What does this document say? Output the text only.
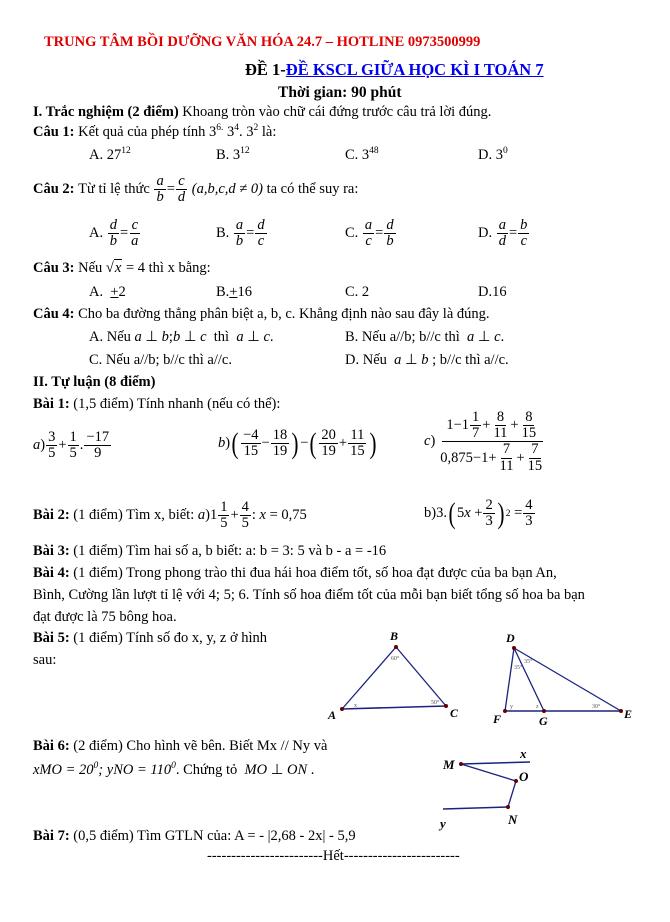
TRUNG TÂM BỒI DƯỠNG VĂN HÓA 24.7 – HOTLINE 0973500999
ĐỀ 1-ĐỀ KSCL GIỮA HỌC KÌ I TOÁN 7
Thời gian: 90 phút
I. Trắc nghiệm (2 điểm) Khoang tròn vào chữ cái đứng trước câu trả lời đúng.
Câu 1: Kết quả của phép tính $3^{6.}$ $3^4$. $3^2$ là:
A. $27^{12}$	B. $3^{12}$	C. $3^{48}$	D. $3^0$
Câu 2:
Từ tỉ lệ thức
$\frac{a}{b} = \frac{c}{d}$
(a,b,c,d ≠ 0)
ta có thể suy ra:
A. $\frac{d}{b} = \frac{c}{a}$	B. $\frac{a}{b} = \frac{d}{c}$	C. $\frac{a}{c} = \frac{d}{b}$	D. $\frac{a}{d} = \frac{b}{c}$
Câu 3: Nếu √x = 4 thì x bằng:
A.  +2	B.+16	C. 2	D.16
Câu 4: Cho ba đường thẳng phân biệt a, b, c. Khẳng định nào sau đây là đúng.
A. Nếu a ⊥ b;b ⊥ c  thì  a ⊥ c.	B. Nếu a//b; b//c thì  a ⊥ c.
C. Nếu a//b; b//c thì a//c.	D. Nếu  a ⊥ b ; b//c thì a//c.
II. Tự luận (8 điểm)
Bài 1: (1,5 điểm) Tính nhanh (nếu có thể):
a ) $\frac{3}{5} + \frac{1}{5}$ . $\frac{-17}{9}$	b ) ( $\frac{-4}{15} - \frac{18}{19}$ ) − ( $\frac{20}{19} + \frac{11}{15}$ )	c ) $\frac{1-1 \frac{1}{7} + \frac{8}{11} + \frac{8}{15}}{0,875-1+ \frac{7}{11} + \frac{7}{15}}$
Bài 2:
(1 điểm) Tìm x, biết:
a )$1 \frac{1}{5} + \frac{4}{5}$ : x = 0,75	b)3. ( 5 $x + \frac{2}{3}$ ) $2 = \frac{4}{3}$
Bài 3: (1 điểm) Tìm hai số a, b biết: a: b = 3: 5 và b - a = -16
Bài 4: (1 điểm) Trong phong trào thi đua hái hoa điểm tốt, số hoa đạt được của ba bạn An,
Bình, Cường lần lượt tỉ lệ với 4; 5; 6. Tính số hoa điểm tốt của mỗi bạn biết tổng số hoa ba bạn
đạt được là 75 bông hoa.
Bài 5: (1 điểm) Tính số đo x, y, z ở hình
sau:
B
A	C
60°
50°
x
D
F	G	E
35°
35°
30°
y	z
Bài 6: (2 điểm) Cho hình vẽ bên. Biết Mx // Ny và
xMO = $20^0$; yNO = $110^0$. Chứng tỏ MO ⊥ ON .	M
x
O
y	N
Bài 7: (0,5 điểm) Tìm GTLN của: A = - |2,68 - 2x| - 5,9
------------------------Hết------------------------
